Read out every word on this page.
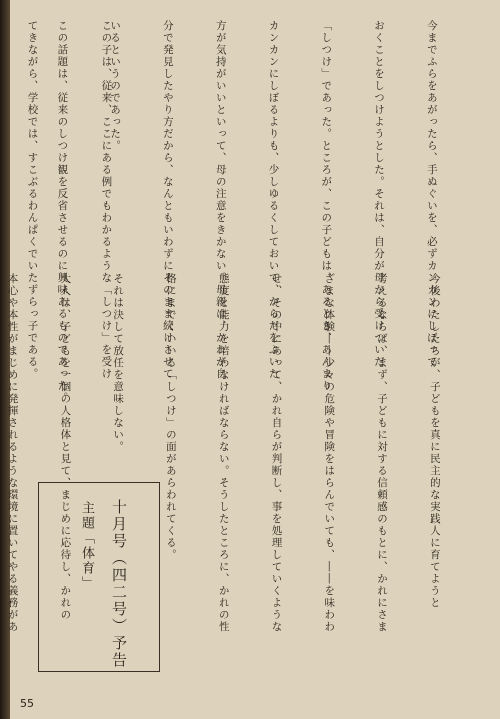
今までふらをあがったら、手ぬぐいを、必ずカンカンにしぼって

おくことをしつけようとした。それは、自分が母から受けついだ

「しつけ」であった。ところが、この子どもは、あるとき、あんまり

カンカンにしぼるよりも、少しゆるくしておいて、からだをふいた

方が気持がいいといって、母の注意をきかない。母親は、かれが自

分で発見したやり方だから、なんともいわずにそのまま続けさせて

いるというのであった。

この話題は、従来のしつけ観を反省させるのに興味あるものであった。

	この子は、従来、ここにある例でもわかるような「しつけ」を受け

てきながら、学校では、すこぶるわんぱくでいたずらっ子である。

今後わたしたちが、子どもを真に民主的な実践人に育てようと

考えるならば、まず、子どもに対する信頼感のもとに、かれにさま

ざまな体験――少々の危険や冒険をはらんでいても、――を味わわ

せ、その中にあって、かれ自らが判断し、事を処理していくような

態度と能力を培わなければならない。そうしたところに、かれの性

格にまでくいいる「しつけ」の面があらわれてくる。

それは決して放任を意味しない。

大人は、子どもを一個の人格体と見て、まじめに応待し、かれの

本心や本性がまじめに発揮されるような環境に置いてやる義務があ

	十月号（四二号）予告
主題「体育」
55
